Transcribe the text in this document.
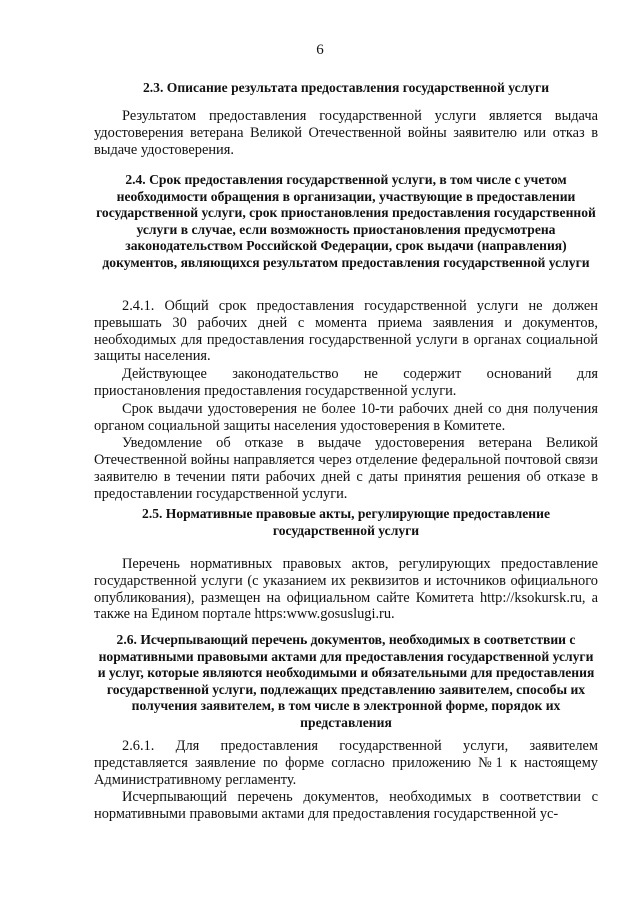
6

2.3. Описание результата предоставления государственной услуги

Результатом предоставления государственной услуги является выдача удостоверения ветерана Великой Отечественной войны заявителю или отказ в выдаче удостоверения.

2.4. Срок предоставления государственной услуги, в том числе с учетом необходимости обращения в организации, участвующие в предоставлении государственной услуги, срок приостановления предоставления государственной услуги в случае, если возможность приостановления предусмотрена законодательством Российской Федерации, срок выдачи (направления) документов, являющихся результатом предоставления государственной услуги

2.4.1. Общий срок предоставления государственной услуги не должен превышать 30 рабочих дней с момента приема заявления и документов, необходимых для предоставления государственной услуги в органах социальной защиты населения.

Действующее законодательство не содержит оснований для приостановления предоставления государственной услуги.

Срок выдачи удостоверения не более 10-ти рабочих дней со дня получения органом социальной защиты населения удостоверения в Комитете.

Уведомление об отказе в выдаче удостоверения ветерана Великой Отечественной войны направляется через отделение федеральной почтовой связи заявителю в течении пяти рабочих дней с даты принятия решения об отказе в предоставлении государственной услуги.

2.5. Нормативные правовые акты, регулирующие предоставление государственной услуги

Перечень нормативных правовых актов, регулирующих предоставление государственной услуги (с указанием их реквизитов и источников официального опубликования), размещен на официальном сайте Комитета http://ksokursk.ru, а также на Едином портале https:www.gosuslugi.ru.

2.6. Исчерпывающий перечень документов, необходимых в соответствии с нормативными правовыми актами для предоставления государственной услуги и услуг, которые являются необходимыми и обязательными для предоставления государственной услуги, подлежащих представлению заявителем, способы их получения заявителем, в том числе в электронной форме, порядок их представления

2.6.1. Для предоставления государственной услуги, заявителем представляется заявление по форме согласно приложению №1 к настоящему Административному регламенту.

Исчерпывающий перечень документов, необходимых в соответствии с нормативными правовыми актами для предоставления государственной ус-
